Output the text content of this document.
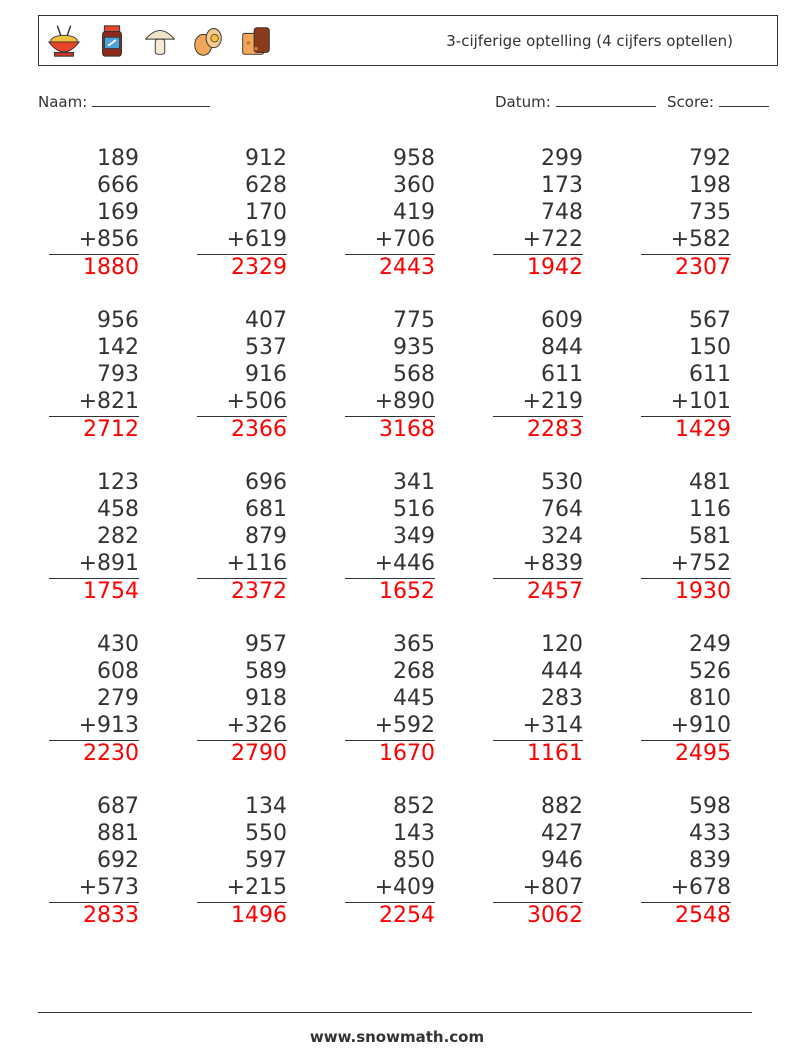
3-cijferige optelling (4 cijfers optellen)
Naam:	Datum:	Score:
189
666
169
+856
1880
912
628
170
+619
2329
958
360
419
+706
2443
299
173
748
+722
1942
792
198
735
+582
2307
956
142
793
+821
2712
407
537
916
+506
2366
775
935
568
+890
3168
609
844
611
+219
2283
567
150
611
+101
1429
123
458
282
+891
1754
696
681
879
+116
2372
341
516
349
+446
1652
530
764
324
+839
2457
481
116
581
+752
1930
430
608
279
+913
2230
957
589
918
+326
2790
365
268
445
+592
1670
120
444
283
+314
1161
249
526
810
+910
2495
687
881
692
+573
2833
134
550
597
+215
1496
852
143
850
+409
2254
882
427
946
+807
3062
598
433
839
+678
2548
www.snowmath.com
